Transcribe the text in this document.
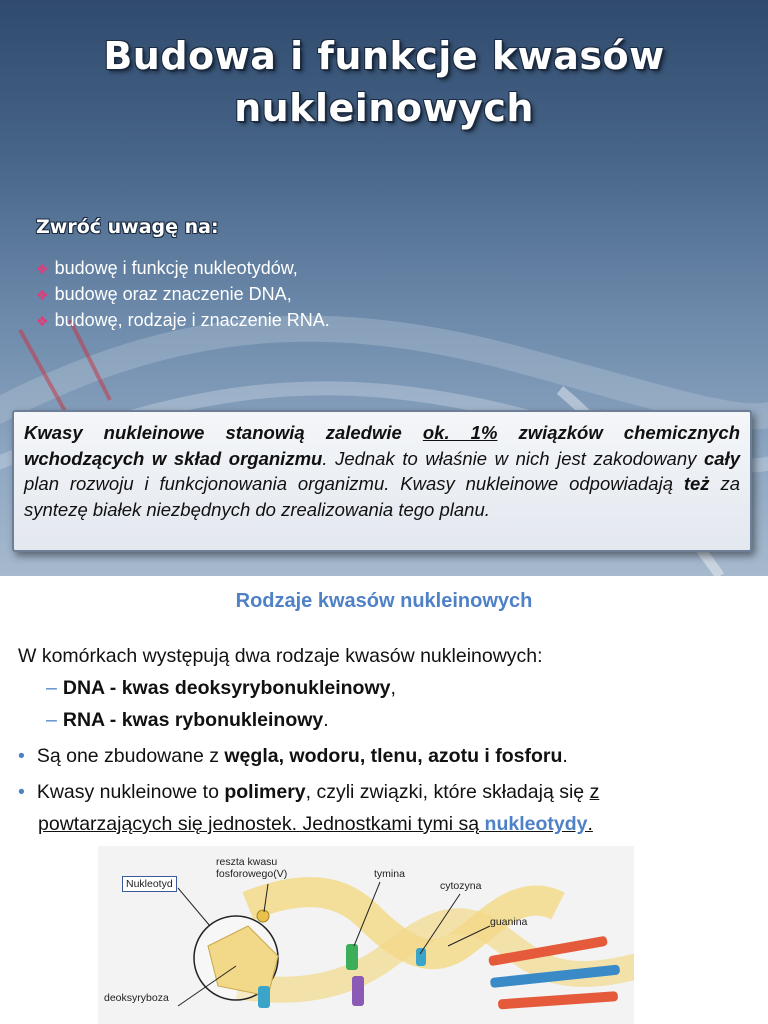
Budowa i funkcje kwasów
nukleinowych
Zwróć uwagę na:
❖ budowę i funkcję nukleotydów,
❖ budowę oraz znaczenie DNA,
❖ budowę, rodzaje i znaczenie RNA.

Kwasy nukleinowe stanowią zaledwie ok. 1% związków chemicznych wchodzących w skład organizmu. Jednak to właśnie w nich jest zakodowany cały plan rozwoju i funkcjonowania organizmu. Kwasy nukleinowe odpowiadają też za syntezę białek niezbędnych do zrealizowania tego planu.

Rodzaje kwasów nukleinowych
W komórkach występują dwa rodzaje kwasów nukleinowych:
– DNA - kwas deoksyrybonukleinowy,
– RNA - kwas rybonukleinowy.
• Są one zbudowane z węgla, wodoru, tlenu, azotu i fosforu.
• Kwasy nukleinowe to polimery, czyli związki, które składają się z
powtarzających się jednostek. Jednostkami tymi są nukleotydy.
Nukleotyd
reszta kwasu
fosforowego(V)	tymina
cytozyna
guanina
deoksyryboza
